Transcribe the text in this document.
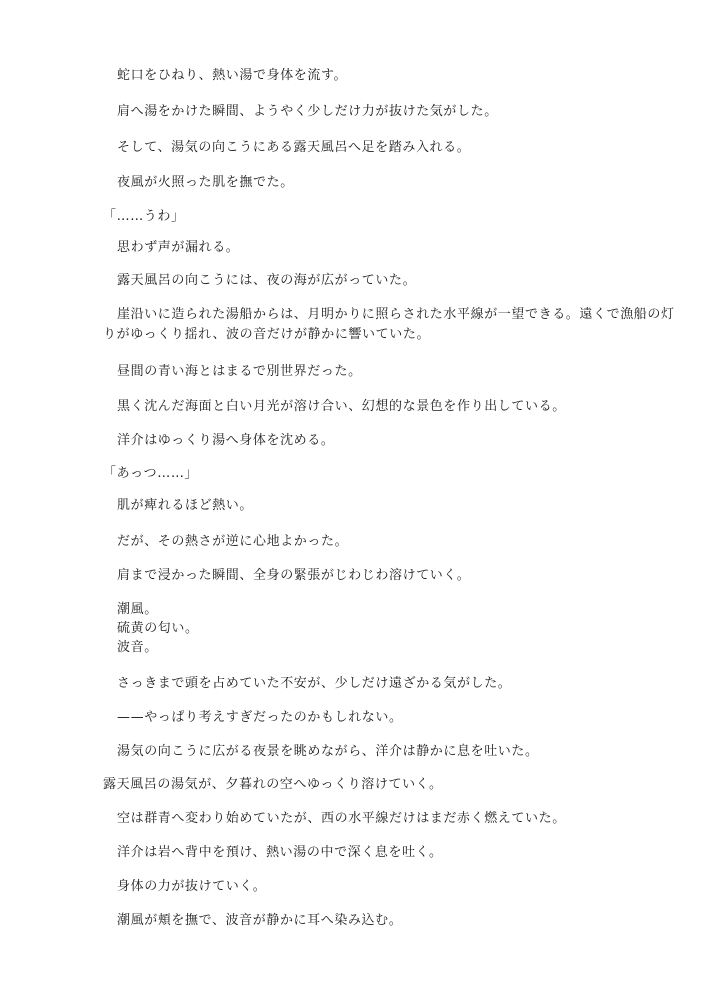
蛇口をひねり、熱い湯で身体を流す。
肩へ湯をかけた瞬間、ようやく少しだけ力が抜けた気がした。
そして、湯気の向こうにある露天風呂へ足を踏み入れる。
夜風が火照った肌を撫でた。
「……うわ」
思わず声が漏れる。
露天風呂の向こうには、夜の海が広がっていた。
崖沿いに造られた湯船からは、月明かりに照らされた水平線が一望できる。遠くで漁船の灯
りがゆっくり揺れ、波の音だけが静かに響いていた。
昼間の青い海とはまるで別世界だった。
黒く沈んだ海面と白い月光が溶け合い、幻想的な景色を作り出している。
洋介はゆっくり湯へ身体を沈める。
「あっつ……」
肌が痺れるほど熱い。
だが、その熱さが逆に心地よかった。
肩まで浸かった瞬間、全身の緊張がじわじわ溶けていく。
潮風。
硫黄の匂い。
波音。
さっきまで頭を占めていた不安が、少しだけ遠ざかる気がした。
——やっぱり考えすぎだったのかもしれない。
湯気の向こうに広がる夜景を眺めながら、洋介は静かに息を吐いた。
露天風呂の湯気が、夕暮れの空へゆっくり溶けていく。
空は群青へ変わり始めていたが、西の水平線だけはまだ赤く燃えていた。
洋介は岩へ背中を預け、熱い湯の中で深く息を吐く。
身体の力が抜けていく。
潮風が頬を撫で、波音が静かに耳へ染み込む。
